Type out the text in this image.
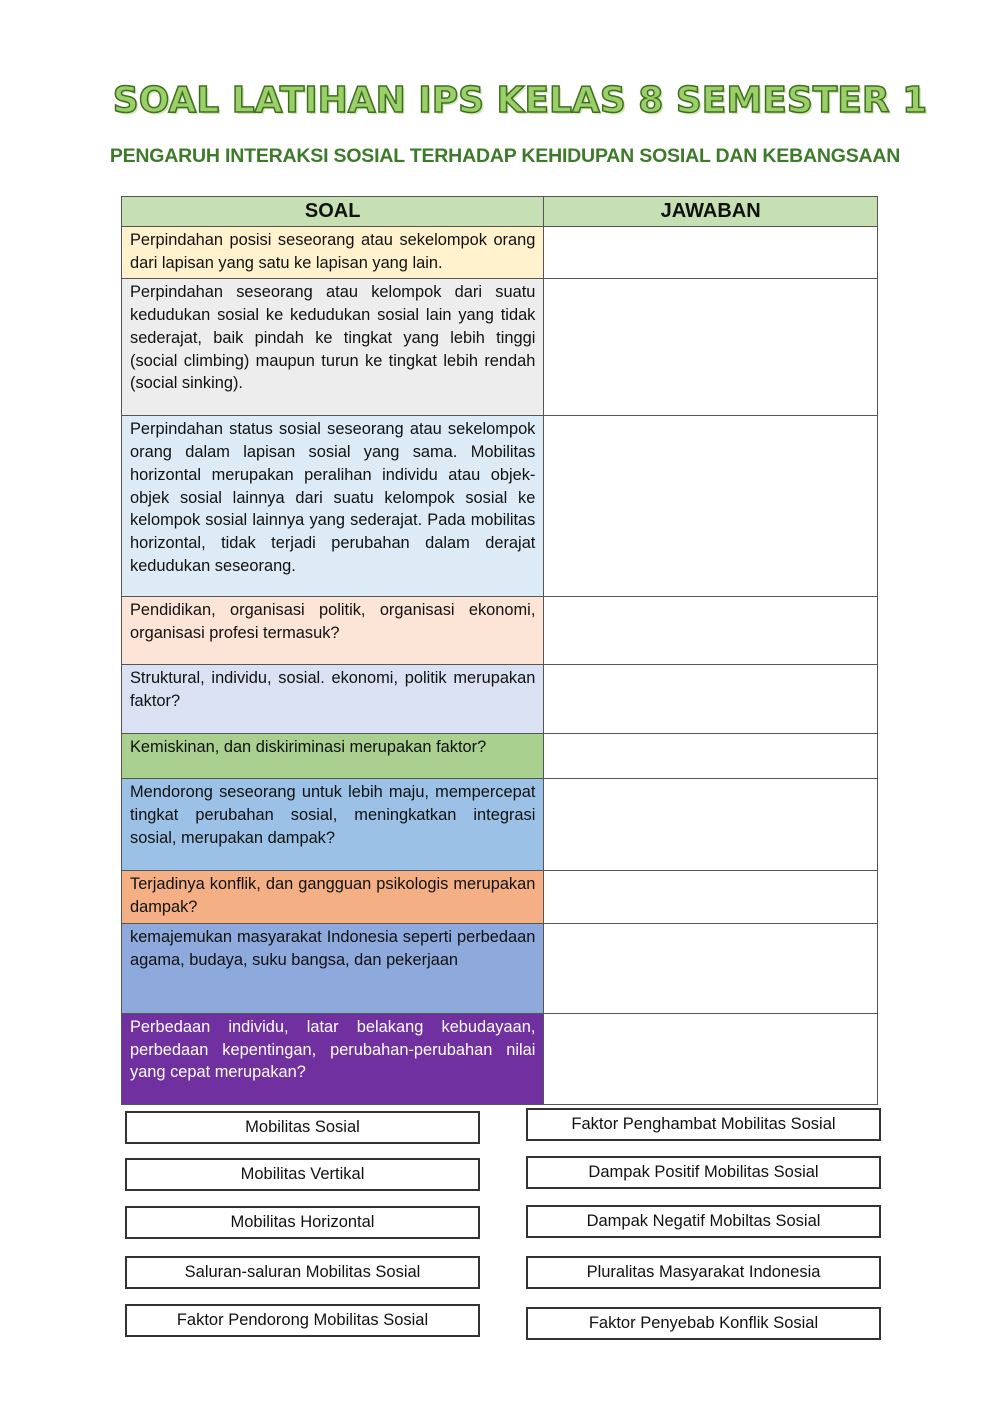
SOAL LATIHAN IPS KELAS 8 SEMESTER 1
PENGARUH INTERAKSI SOSIAL TERHADAP KEHIDUPAN SOSIAL DAN KEBANGSAAN
SOAL	JAWABAN
Perpindahan posisi seseorang atau sekelompok orang dari lapisan yang satu ke lapisan yang lain.	
Perpindahan seseorang atau kelompok dari suatu kedudukan sosial ke kedudukan sosial lain yang tidak sederajat, baik pindah ke tingkat yang lebih tinggi (social climbing) maupun turun ke tingkat lebih rendah (social sinking).	
Perpindahan status sosial seseorang atau sekelompok orang dalam lapisan sosial yang sama. Mobilitas horizontal merupakan peralihan individu atau objek-objek sosial lainnya dari suatu kelompok sosial ke kelompok sosial lainnya yang sederajat. Pada mobilitas horizontal, tidak terjadi perubahan dalam derajat kedudukan seseorang.	
Pendidikan, organisasi politik, organisasi ekonomi, organisasi profesi termasuk?	
Struktural, individu, sosial. ekonomi, politik merupakan faktor?	
Kemiskinan, dan diskiriminasi merupakan faktor?	
Mendorong seseorang untuk lebih maju, mempercepat tingkat perubahan sosial, meningkatkan integrasi sosial, merupakan dampak?	
Terjadinya konflik, dan gangguan psikologis merupakan dampak?	
kemajemukan masyarakat Indonesia seperti perbedaan agama, budaya, suku bangsa, dan pekerjaan	
Perbedaan individu, latar belakang kebudayaan, perbedaan kepentingan, perubahan-perubahan nilai yang cepat merupakan?	
Mobilitas Sosial
Mobilitas Vertikal
Mobilitas Horizontal
Saluran-saluran Mobilitas Sosial
Faktor Pendorong Mobilitas Sosial
Faktor Penghambat Mobilitas Sosial
Dampak Positif Mobilitas Sosial
Dampak Negatif Mobiltas Sosial
Pluralitas Masyarakat Indonesia
Faktor Penyebab Konflik Sosial
